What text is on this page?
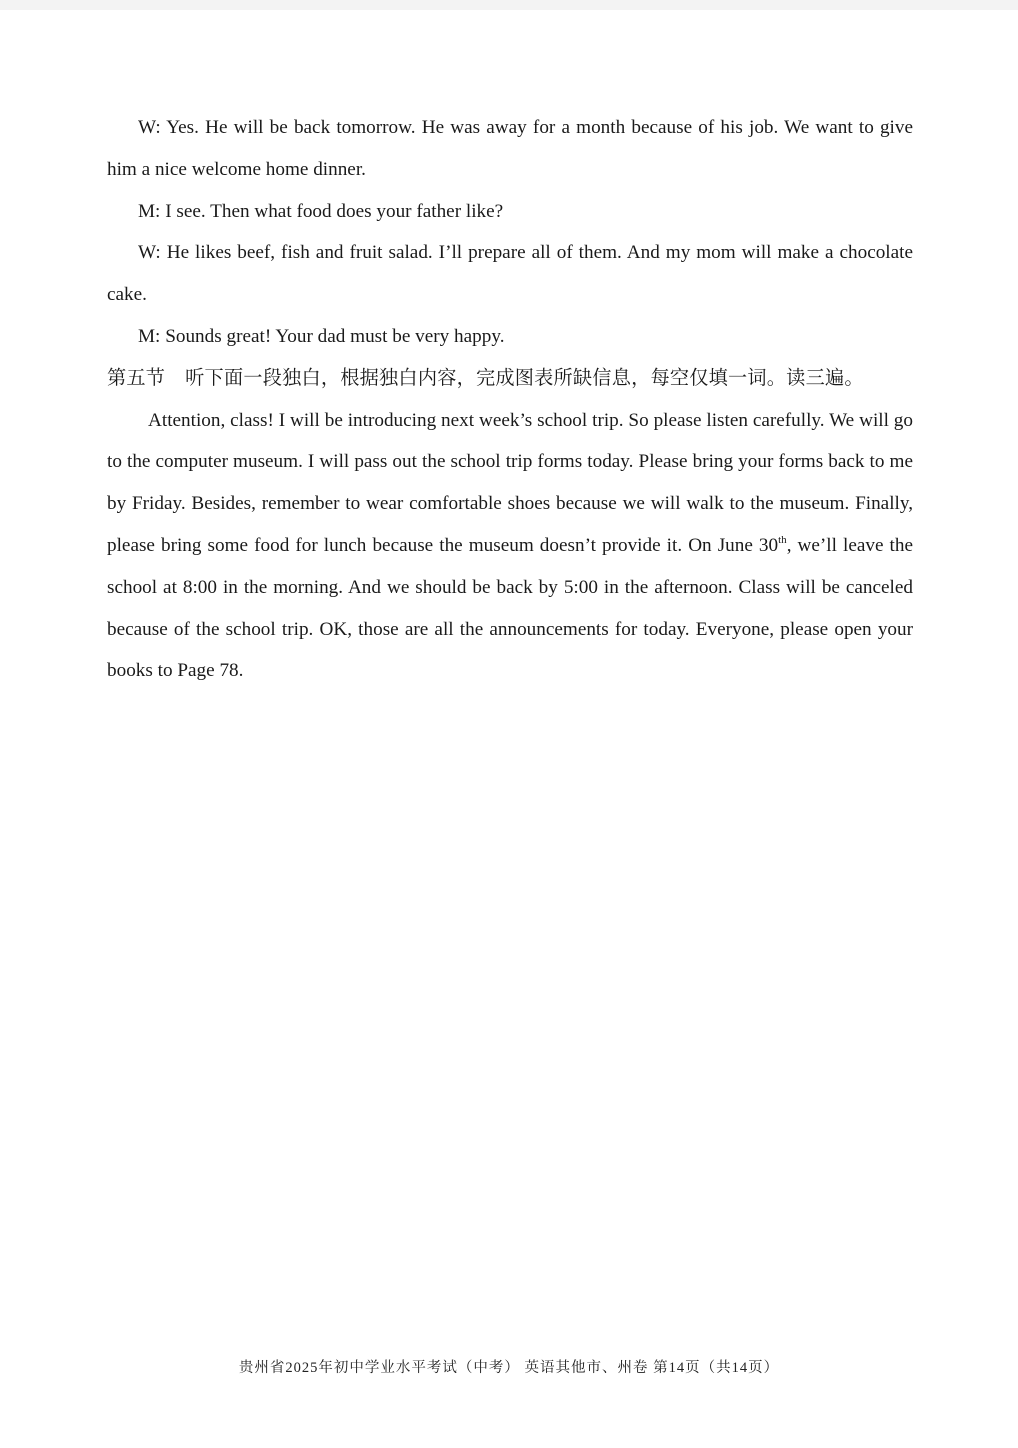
W: Yes. He will be back tomorrow. He was away for a month because of his job. We want to give him a nice welcome home dinner.

M: I see. Then what food does your father like?

W: He likes beef, fish and fruit salad. I’ll prepare all of them. And my mom will make a chocolate cake.

M: Sounds great! Your dad must be very happy.

第五节 听下面一段独白，根据独白内容，完成图表所缺信息，每空仅填一词。读三遍。

Attention, class! I will be introducing next week’s school trip. So please listen carefully. We will go to the computer museum. I will pass out the school trip forms today. Please bring your forms back to me by Friday. Besides, remember to wear comfortable shoes because we will walk to the museum. Finally, please bring some food for lunch because the museum doesn’t provide it. On June 30th, we’ll leave the school at 8:00 in the morning. And we should be back by 5:00 in the afternoon. Class will be canceled because of the school trip. OK, those are all the announcements for today. Everyone, please open your books to Page 78.

贵州省2025年初中学业水平考试（中考） 英语其他市、州卷 第14页（共14页）
